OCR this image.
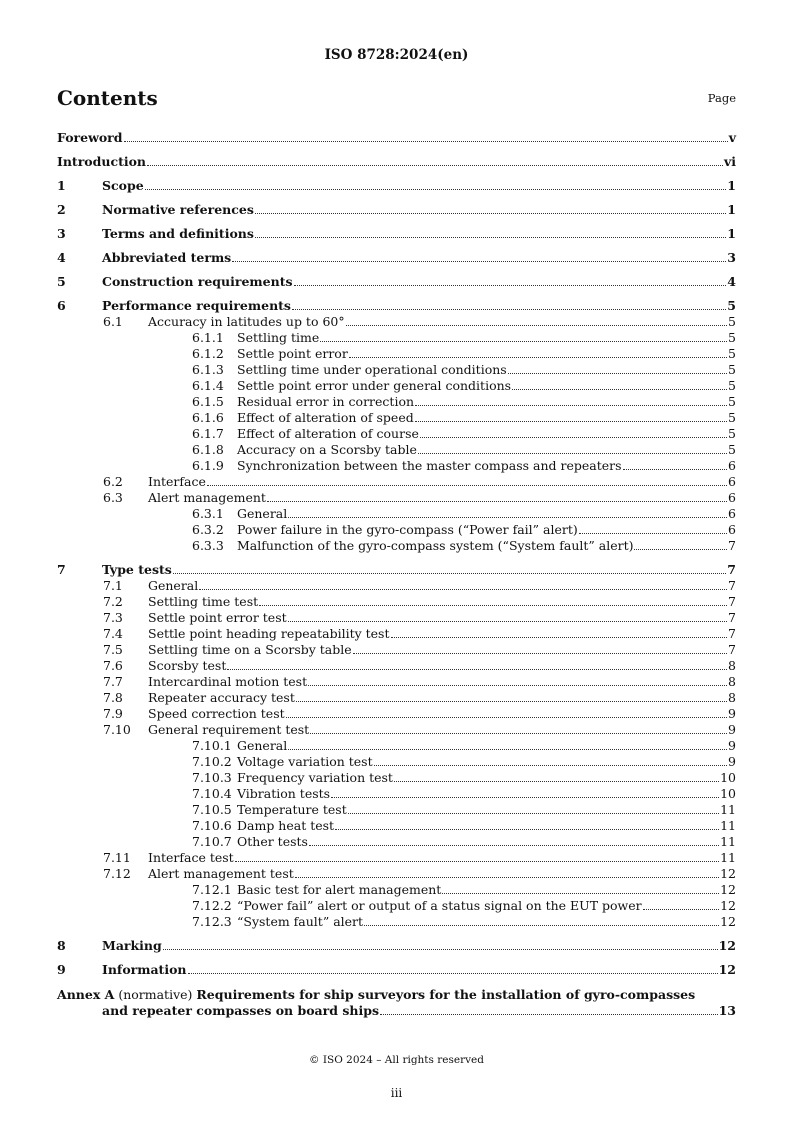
ISO 8728:2024(en)
Contents	Page
Foreword	v
Introduction	vi
1	Scope	1
2	Normative references	1
3	Terms and definitions	1
4	Abbreviated terms	3
5	Construction requirements	4
6	Performance requirements	5
6.1	Accuracy in latitudes up to 60°	5
6.1.1	Settling time	5
6.1.2	Settle point error	5
6.1.3	Settling time under operational conditions	5
6.1.4	Settle point error under general conditions	5
6.1.5	Residual error in correction	5
6.1.6	Effect of alteration of speed	5
6.1.7	Effect of alteration of course	5
6.1.8	Accuracy on a Scorsby table	5
6.1.9	Synchronization between the master compass and repeaters	6
6.2	Interface	6
6.3	Alert management	6
6.3.1	General	6
6.3.2	Power failure in the gyro-compass (“Power fail” alert)	6
6.3.3	Malfunction of the gyro-compass system (“System fault” alert)	7
7	Type tests	7
7.1	General	7
7.2	Settling time test	7
7.3	Settle point error test	7
7.4	Settle point heading repeatability test	7
7.5	Settling time on a Scorsby table	7
7.6	Scorsby test	8
7.7	Intercardinal motion test	8
7.8	Repeater accuracy test	8
7.9	Speed correction test	9
7.10	General requirement test	9
7.10.1 General	9
7.10.2 Voltage variation test	9
7.10.3 Frequency variation test	10
7.10.4 Vibration tests	10
7.10.5 Temperature test	11
7.10.6 Damp heat test	11
7.10.7 Other tests	11
7.11	Interface test	11
7.12	Alert management test	12
7.12.1 Basic test for alert management	12
7.12.2 “Power fail” alert or output of a status signal on the EUT power	12
7.12.3 “System fault” alert	12
8	Marking	12
9	Information	12
Annex A (normative) Requirements for ship surveyors for the installation of gyro-compasses
and repeater compasses on board ships	13
© ISO 2024 – All rights reserved
iii
